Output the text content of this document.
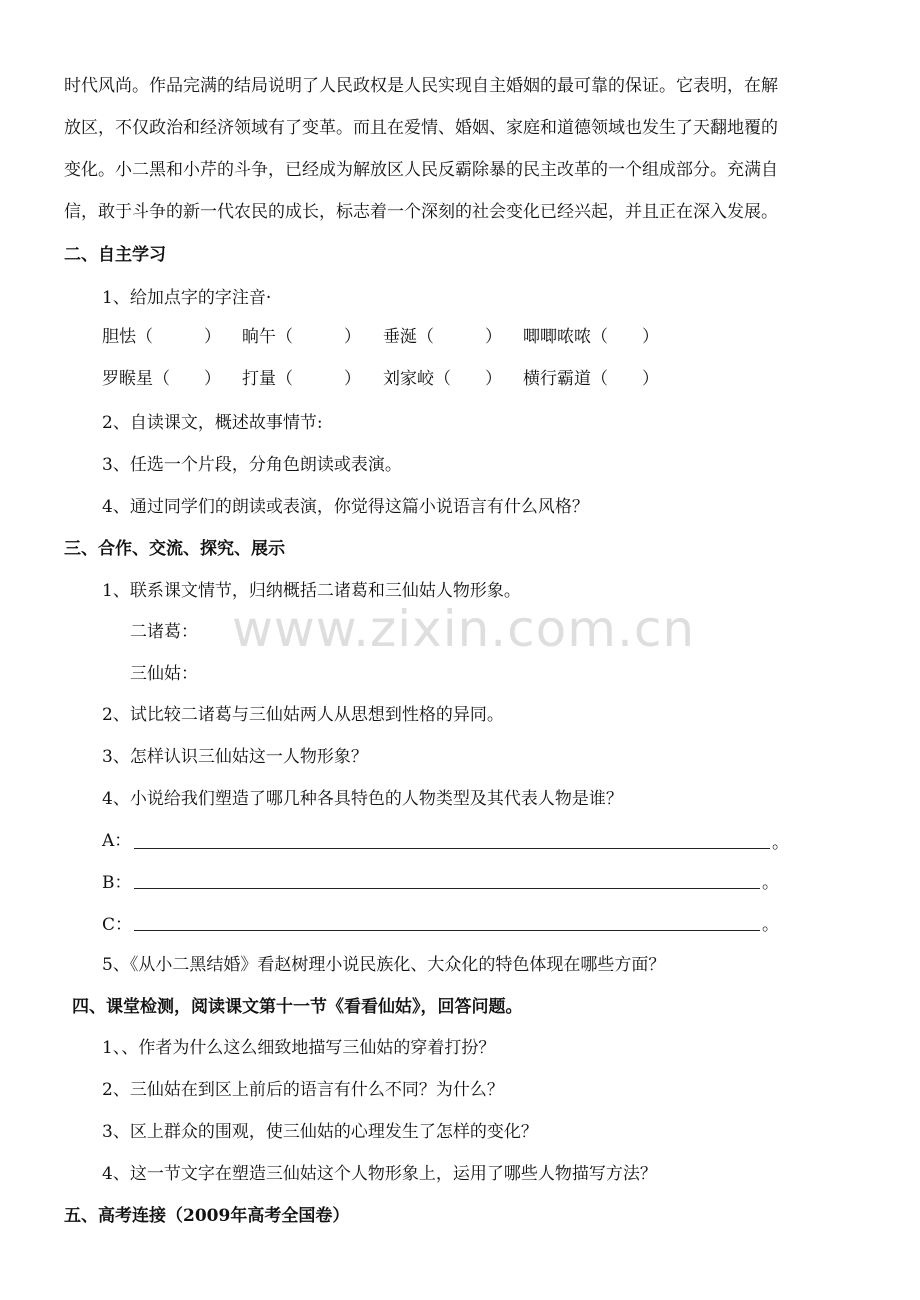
www.zixin.com.cn
时代风尚。作品完满的结局说明了人民政权是人民实现自主婚姻的最可靠的保证。它表明，在解
放区，不仅政治和经济领域有了变革。而且在爱情、婚姻、家庭和道德领域也发生了天翻地覆的
变化。小二黑和小芹的斗争，已经成为解放区人民反霸除暴的民主改革的一个组成部分。充满自
信，敢于斗争的新一代农民的成长，标志着一个深刻的社会变化已经兴起，并且正在深入发展。
二、自主学习
1、给加点字的字注音·
胆怯（　　　） 晌午（　　　） 垂涎（　　　） 唧唧哝哝（　　）
罗睺星（　　） 打量（　　　） 刘家峧（　　） 横行霸道（　　）
2、自读课文，概述故事情节:
3、任选一个片段，分角色朗读或表演。
4、通过同学们的朗读或表演，你觉得这篇小说语言有什么风格？
三、合作、交流、探究、展示
1、联系课文情节，归纳概括二诸葛和三仙姑人物形象。
二诸葛：
三仙姑：
2、试比较二诸葛与三仙姑两人从思想到性格的异同。
3、怎样认识三仙姑这一人物形象？
4、小说给我们塑造了哪几种各具特色的人物类型及其代表人物是谁？
A：	。
B：	。
C：	。
5、《从小二黑结婚》看赵树理小说民族化、大众化的特色体现在哪些方面？
四、课堂检测，阅读课文第十一节《看看仙姑》，回答问题。
1、、作者为什么这么细致地描写三仙姑的穿着打扮？
2、三仙姑在到区上前后的语言有什么不同？为什么？
3、区上群众的围观，使三仙姑的心理发生了怎样的变化？
4、这一节文字在塑造三仙姑这个人物形象上，运用了哪些人物描写方法？
五、高考连接（2009年高考全国卷）
